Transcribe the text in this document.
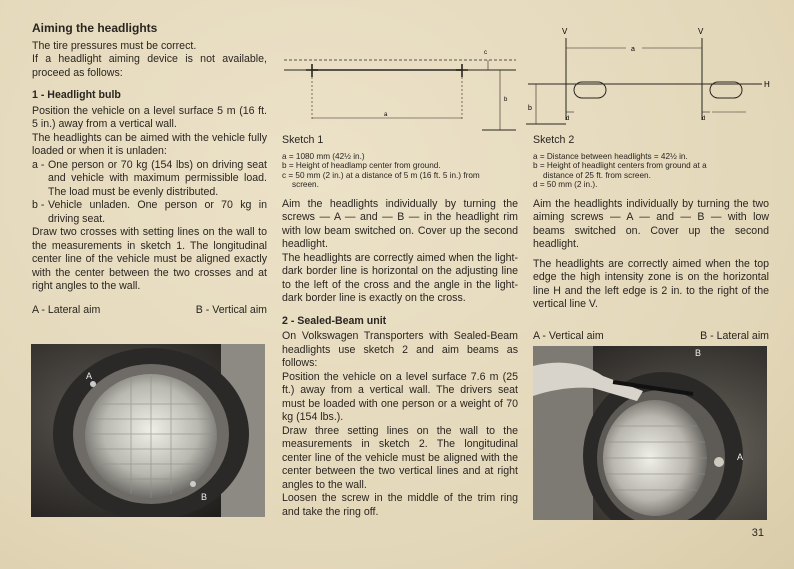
Aiming the headlights

The tire pressures must be correct.

If a headlight aiming device is not available, proceed as follows:

1 - Headlight bulb

Position the vehicle on a level surface 5 m (16 ft. 5 in.) away from a vertical wall.

The headlights can be aimed with the vehicle fully loaded or when it is unladen:

a - One person or 70 kg (154 lbs) on driving seat and vehicle with maximum permissible load. The load must be evenly distributed.
b - Vehicle unladen. One person or 70 kg in driving seat.

Draw two crosses with setting lines on the wall to the measurements in sketch 1. The longitudinal center line of the vehicle must be aligned exactly with the center between the two crosses and at right angles to the wall.

A - Lateral aim	B - Vertical aim
A
B
a
c
b
Sketch 1
a = 1080 mm (42½ in.)
b = Height of headlamp center from ground.
c = 50 mm (2 in.) at a distance of 5 m (16 ft. 5 in.) from
screen.

Aim the headlights individually by turning the screws — A — and — B — in the headlight rim with low beam switched on. Cover up the second headlight.

The headlights are correctly aimed when the light-dark border line is horizontal on the adjusting line to the left of the cross and the angle in the light-dark border line is exactly on the cross.

2 - Sealed-Beam unit

On Volkswagen Transporters with Sealed-Beam headlights use sketch 2 and aim beams as follows:

Position the vehicle on a level surface 7.6 m (25 ft.) away from a vertical wall. The drivers seat must be loaded with one person or a weight of 70 kg (154 lbs.).

Draw three setting lines on the wall to the measurements in sketch 2. The longitudinal center line of the vehicle must be aligned with the center between the two vertical lines and at right angles to the wall.

Loosen the screw in the middle of the trim ring and take the ring off.

V	V
a
H
b
d	d
Sketch 2
a = Distance between headlights = 42½ in.
b = Height of headlight centers from ground at a
distance of 25 ft. from screen.
d = 50 mm (2 in.).

Aim the headlights individually by turning the two aiming screws — A — and — B — with low beams switched on. Cover up the second headlight.

The headlights are correctly aimed when the top edge the high intensity zone is on the horizontal line H and the left edge is 2 in. to the right of the vertical line V.

A - Vertical aim	B - Lateral aim
B
A
31
